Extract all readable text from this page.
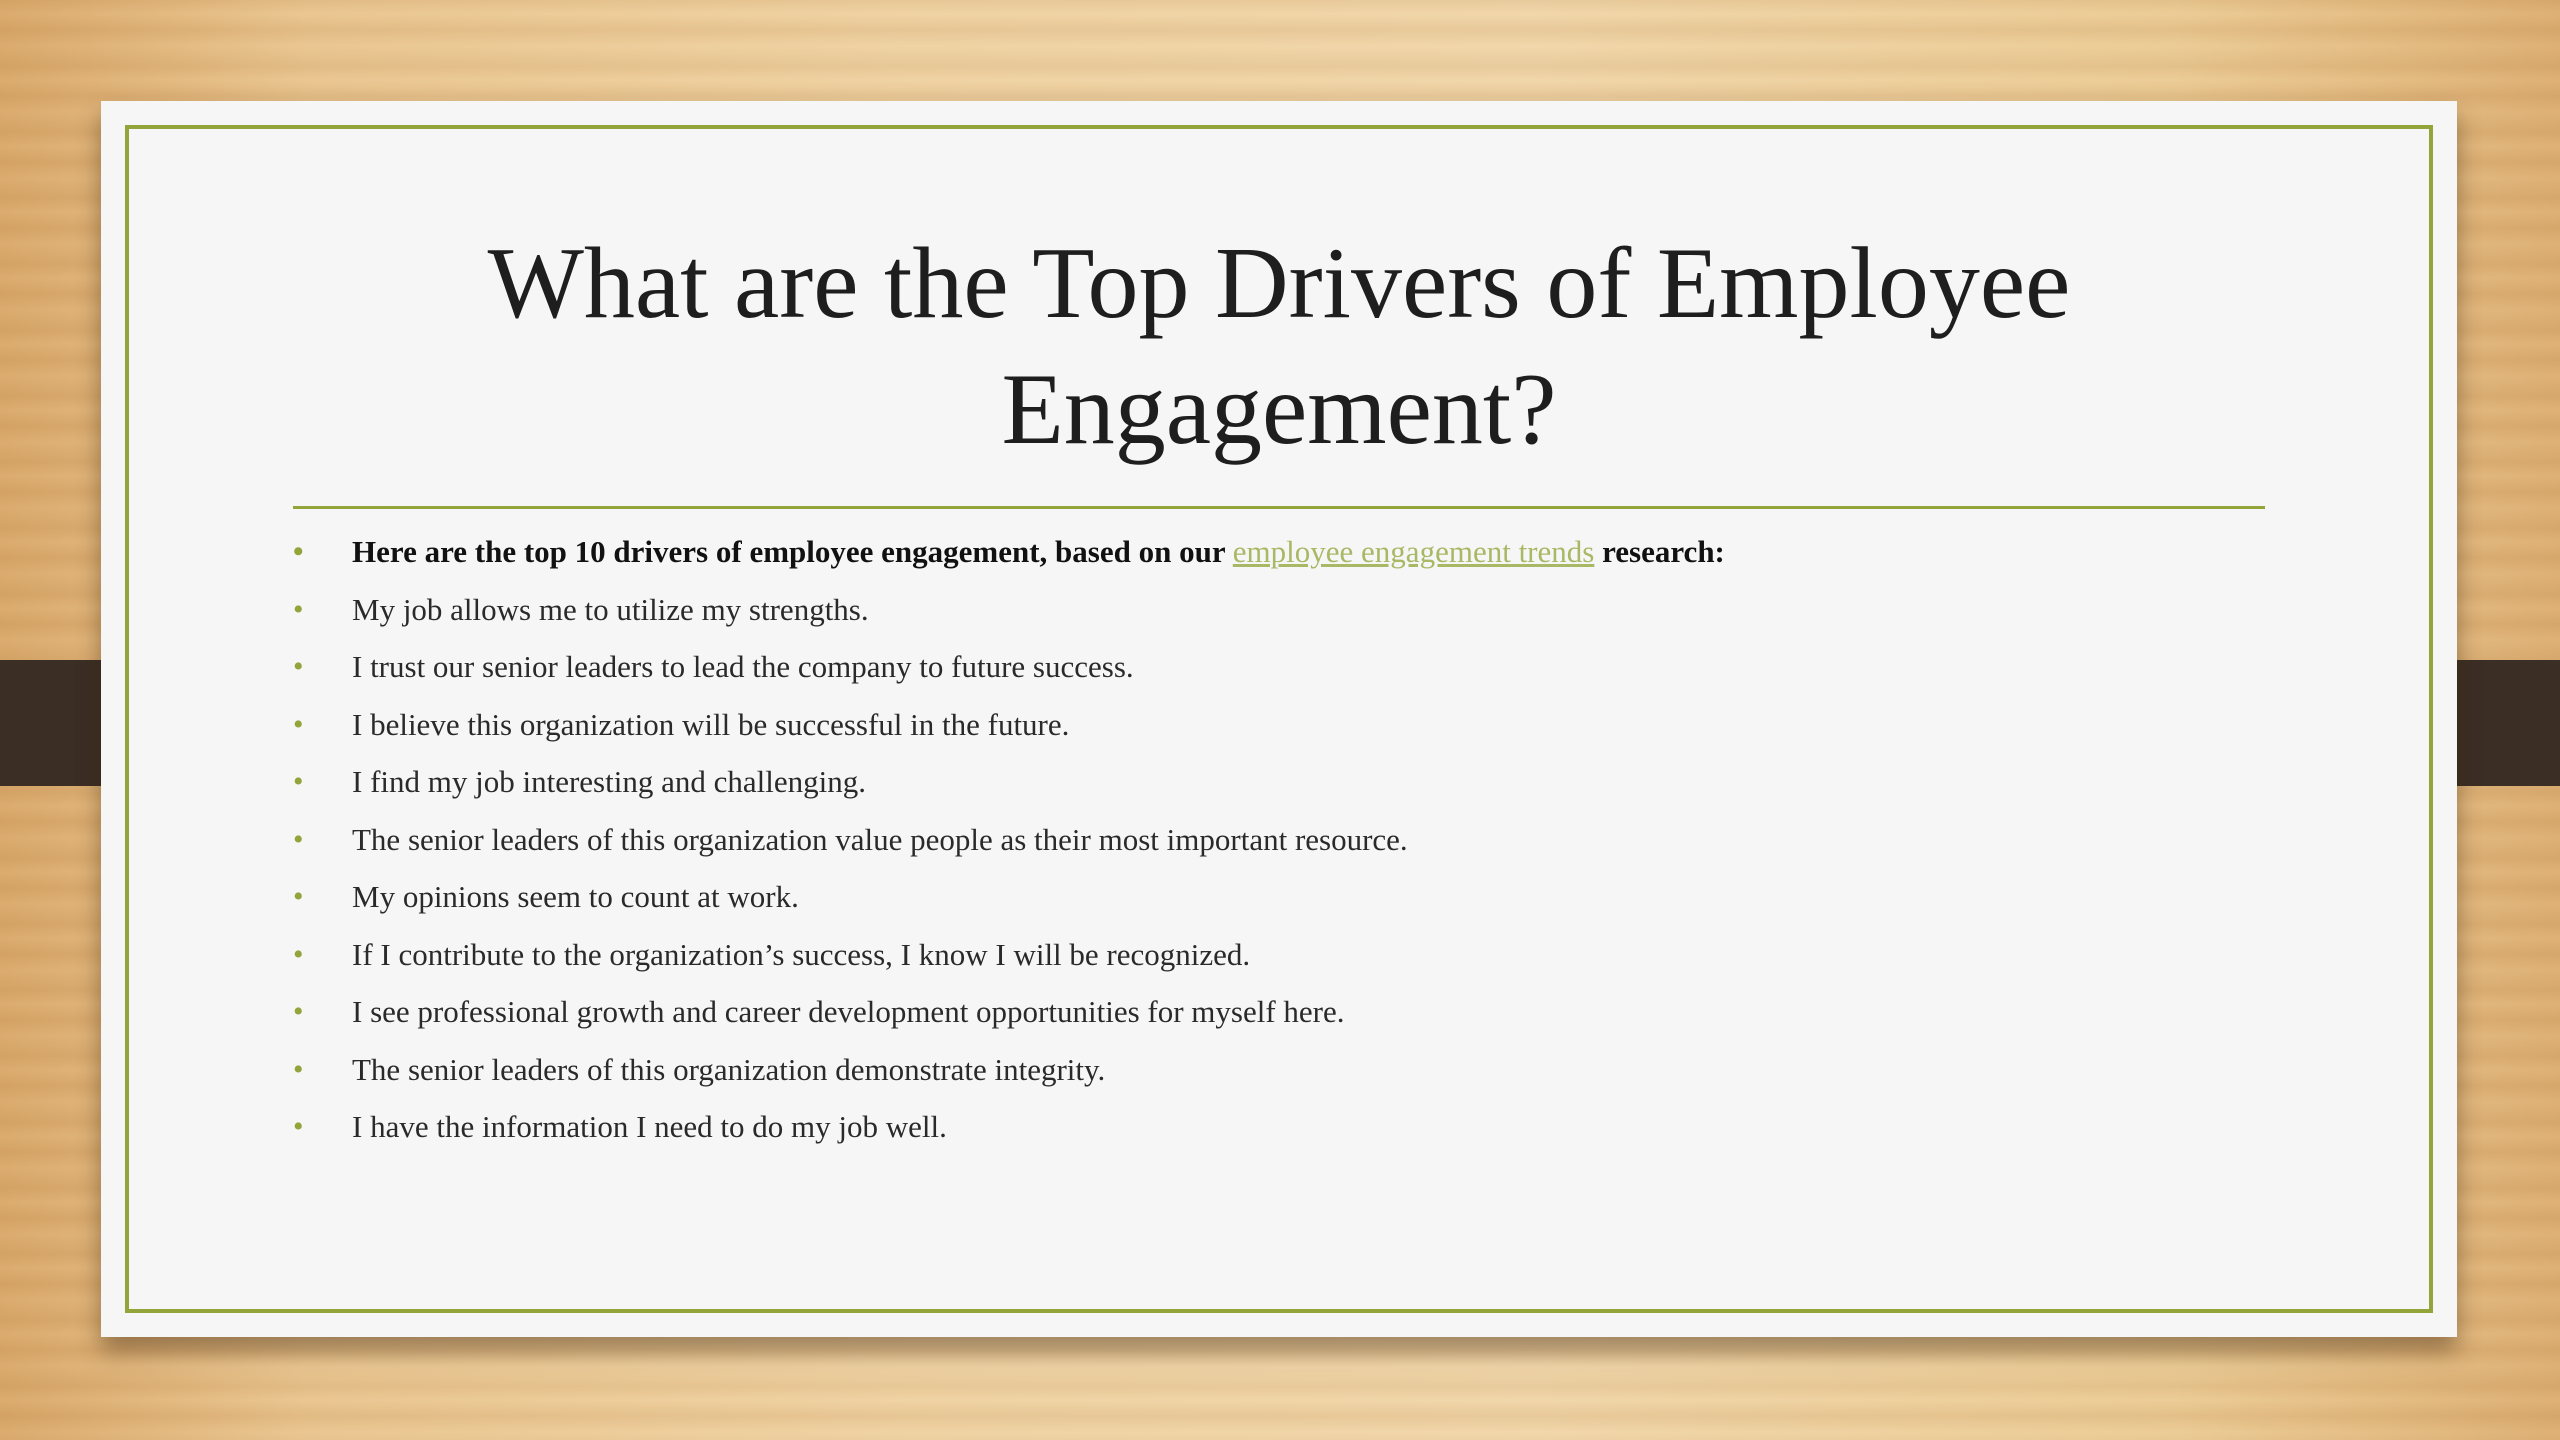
What are the Top Drivers of Employee
Engagement?
• Here are the top 10 drivers of employee engagement, based on our employee engagement trends research:
• My job allows me to utilize my strengths.
• I trust our senior leaders to lead the company to future success.
• I believe this organization will be successful in the future.
• I find my job interesting and challenging.
• The senior leaders of this organization value people as their most important resource.
• My opinions seem to count at work.
• If I contribute to the organization’s success, I know I will be recognized.
• I see professional growth and career development opportunities for myself here.
• The senior leaders of this organization demonstrate integrity.
• I have the information I need to do my job well.
